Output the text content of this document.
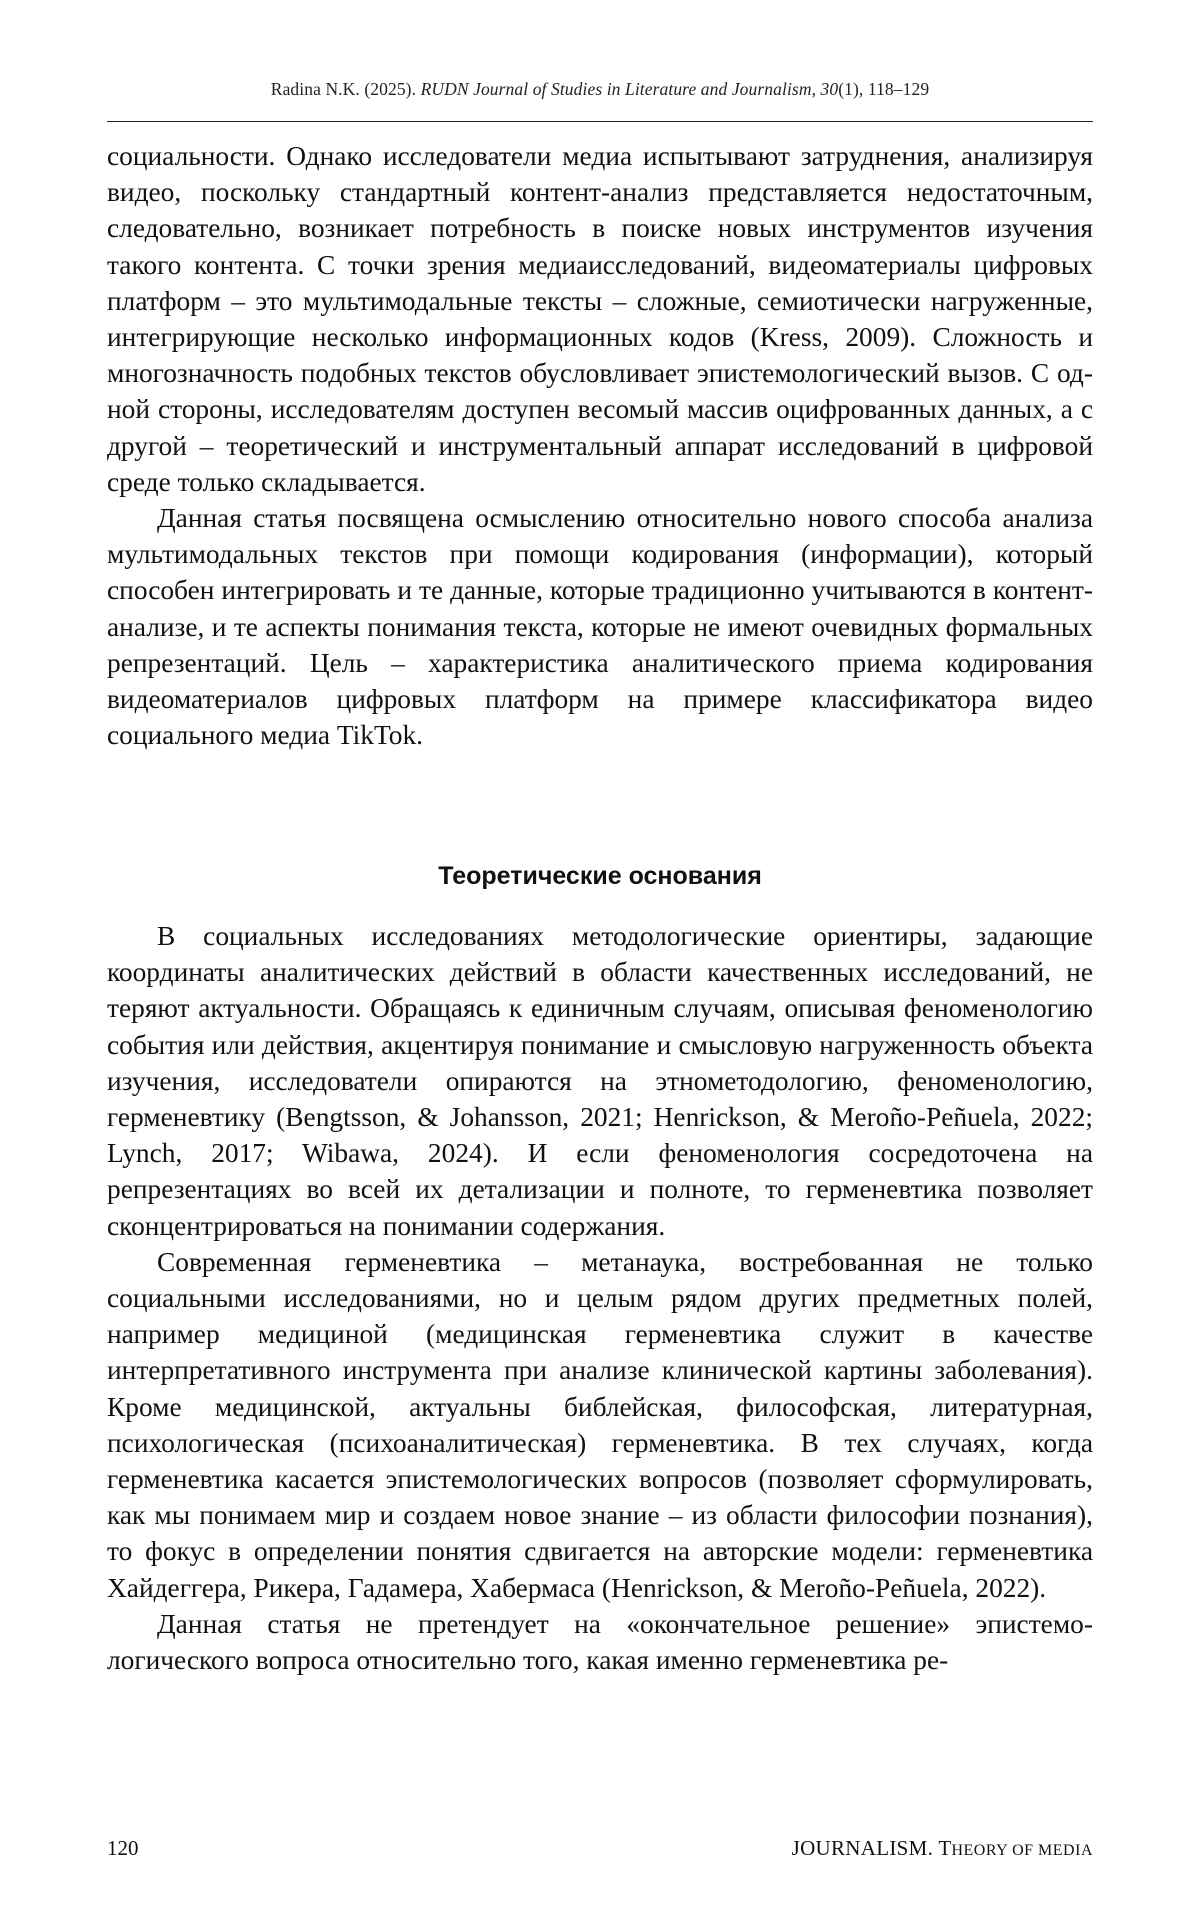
Radina N.K. (2025). RUDN Journal of Studies in Literature and Journalism, 30(1), 118–129

социальности. Однако исследователи медиа испытывают затруднения, анализируя видео, поскольку стандартный контент-анализ представляется недостаточным, следовательно, возникает потребность в поиске новых инструментов изучения такого контента. С точки зрения медиаисследо­ваний, видеоматериалы цифровых платформ – это мультимодальные тексты – сложные, семиотически нагруженные, интегрирующие не­сколько информационных кодов (Kress, 2009). Сложность и многознач­ность подобных текстов обусловливает эпистемологический вызов. С од­ной стороны, исследователям доступен весомый массив оцифрованных данных, а с другой – теоретический и инструментальный аппарат иссле­дований в цифровой среде только складывается.

Данная статья посвящена осмыслению относительно нового способа анализа мультимодальных текстов при помощи кодирования (инфор­мации), который способен интегрировать и те данные, которые традиционно учитываются в контент-анализе, и те аспекты понимания текста, которые не имеют очевидных формальных репрезентаций. Цель – характеристика аналитического приема кодирования видеоматериалов цифровых плат­форм на примере классификатора видео социального медиа TikTok.

Теоретические основания

В социальных исследованиях методологические ориентиры, задаю­щие координаты аналитических действий в области качественных иссле­дований, не теряют актуальности. Обращаясь к единичным случаям, описывая феноменологию события или действия, акцентируя понима­ние и смысловую нагруженность объекта изучения, исследователи опи­раются на этнометодологию, феноменологию, герменевтику (Bengtsson, & Johansson, 2021; Henrickson, & Meroño-Peñuela, 2022; Lynch, 2017; Wiba­wa, 2024). И если феноменология сосредоточена на репрезентациях во всей их детализации и полноте, то герменевтика позволяет сконцентри­роваться на понимании содержания.

Современная герменевтика – метанаука, востребованная не только социальными исследованиями, но и целым рядом других предметных по­лей, например медициной (медицинская герменевтика служит в качестве интерпретативного инструмента при анализе клинической картины за­болевания). Кроме медицинской, актуальны библейская, философская, литературная, психологическая (психоаналитическая) герменевтика. В тех случаях, когда герменевтика касается эпистемологических вопро­сов (позволяет сформулировать, как мы понимаем мир и создаем новое знание – из области философии познания), то фокус в определении по­нятия сдвигается на авторские модели: герменевтика Хайдеггера, Рикера, Гадамера, Хабермаса (Henrickson, & Meroño-Peñuela, 2022).

Данная статья не претендует на «окончательное решение» эпистемо­логического вопроса относительно того, какая именно герменевтика ре-

120	JOURNALISM. THEORY OF MEDIA
